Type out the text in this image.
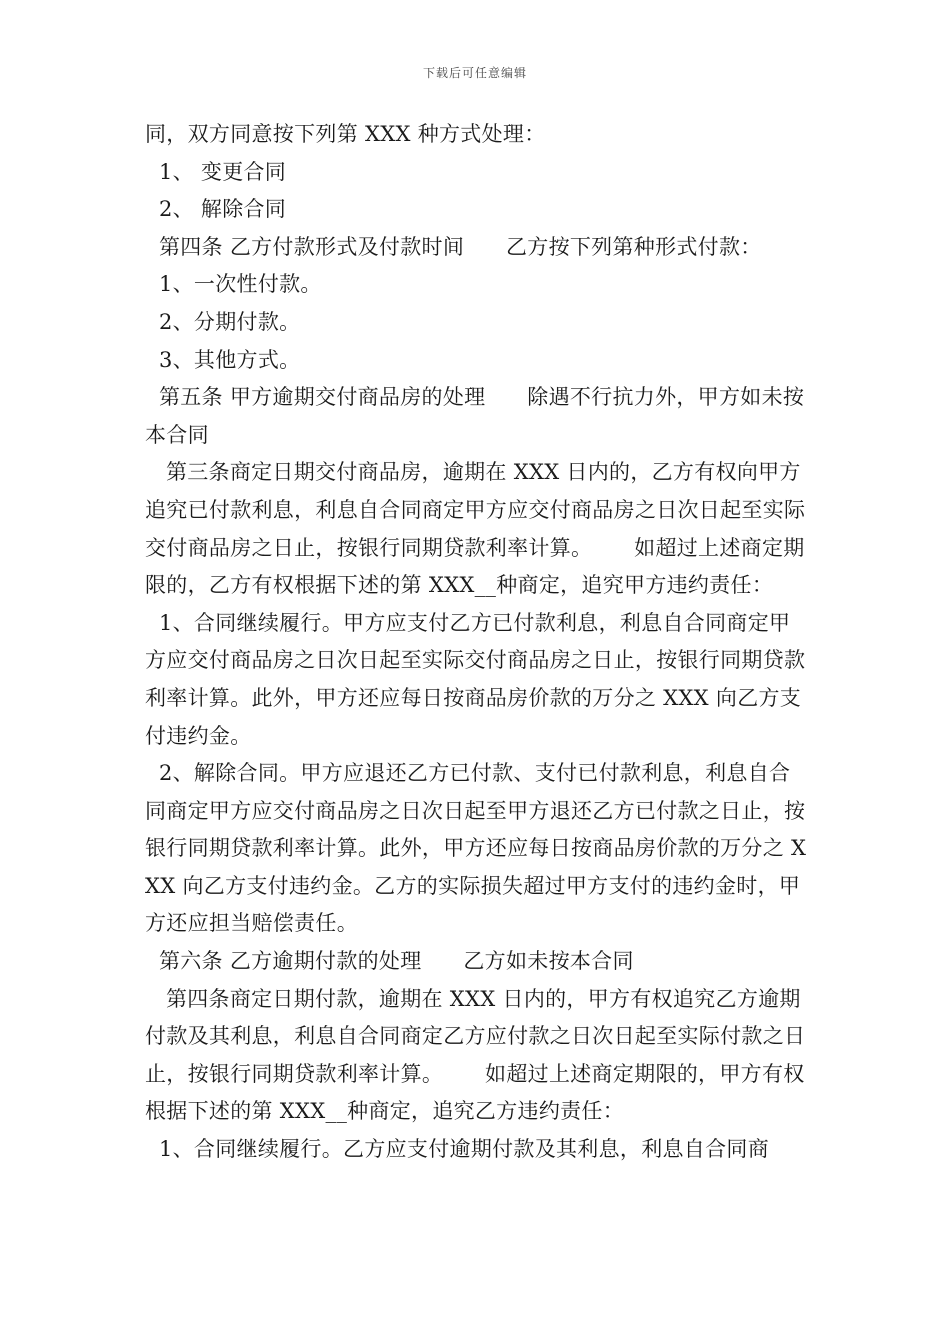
下载后可任意编辑

同，双方同意按下列第 XXX 种方式处理：

1、 变更合同

2、 解除合同

第四条 乙方付款形式及付款时间      乙方按下列第种形式付款：

1、一次性付款。

2、分期付款。

3、其他方式。

第五条 甲方逾期交付商品房的处理      除遇不行抗力外，甲方如未按本合同

第三条商定日期交付商品房，逾期在 XXX 日内的，乙方有权向甲方追究已付款利息，利息自合同商定甲方应交付商品房之日次日起至实际交付商品房之日止，按银行同期贷款利率计算。      如超过上述商定期限的，乙方有权根据下述的第 XXX__种商定，追究甲方违约责任：

1、合同继续履行。甲方应支付乙方已付款利息，利息自合同商定甲方应交付商品房之日次日起至实际交付商品房之日止，按银行同期贷款利率计算。此外，甲方还应每日按商品房价款的万分之 XXX 向乙方支付违约金。

2、解除合同。甲方应退还乙方已付款、支付已付款利息，利息自合同商定甲方应交付商品房之日次日起至甲方退还乙方已付款之日止，按银行同期贷款利率计算。此外，甲方还应每日按商品房价款的万分之 XXX 向乙方支付违约金。乙方的实际损失超过甲方支付的违约金时，甲方还应担当赔偿责任。

第六条 乙方逾期付款的处理      乙方如未按本合同

第四条商定日期付款，逾期在 XXX 日内的，甲方有权追究乙方逾期付款及其利息，利息自合同商定乙方应付款之日次日起至实际付款之日止，按银行同期贷款利率计算。      如超过上述商定期限的，甲方有权根据下述的第 XXX__种商定，追究乙方违约责任：

1、合同继续履行。乙方应支付逾期付款及其利息，利息自合同商
